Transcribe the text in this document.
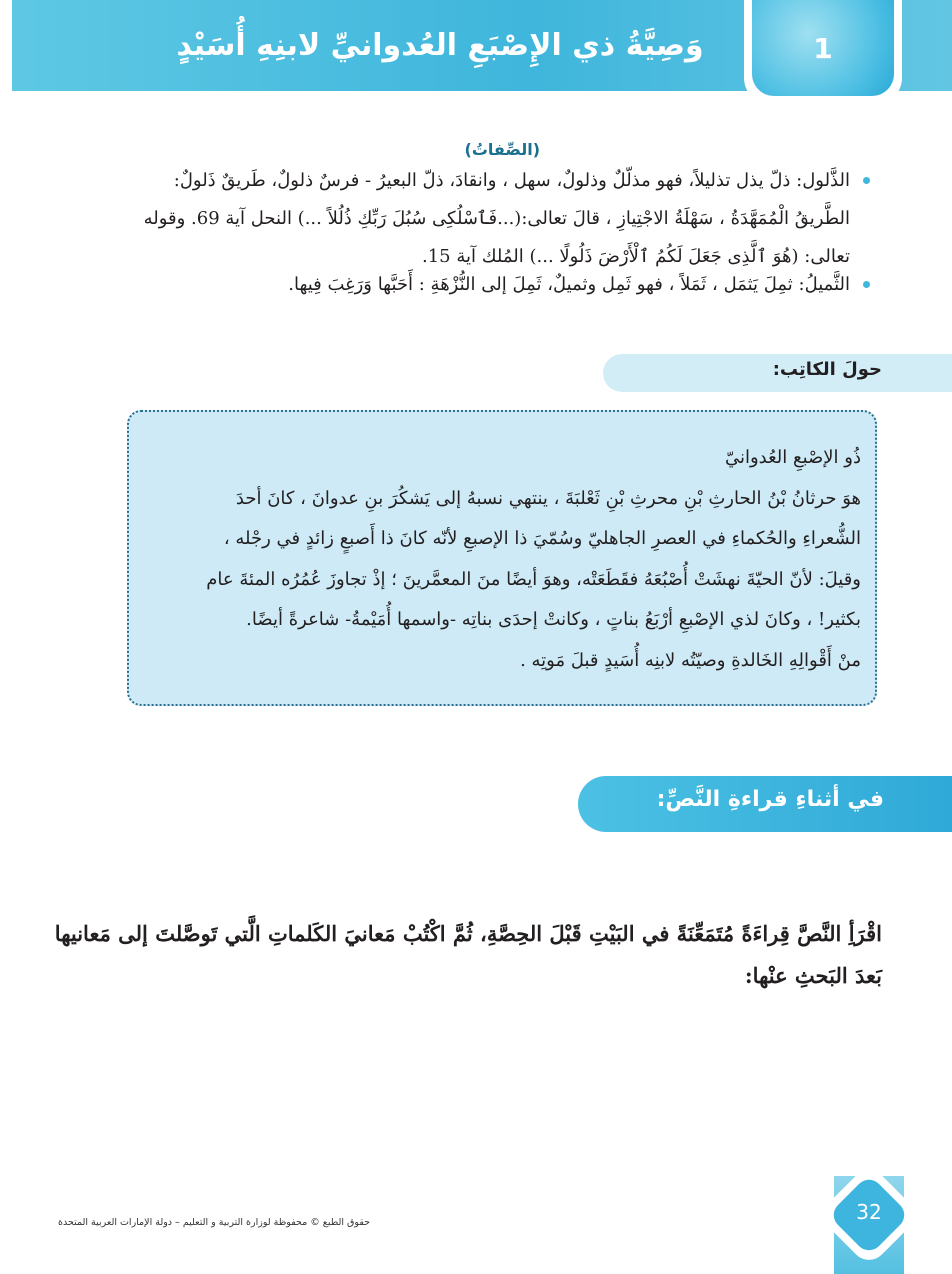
وَصِيَّةُ ذي الإِصْبَعِ العُدوانيِّ لابنِهِ أُسَيْدٍ	1
(الصِّفاتُ)
الذَّلول: ذلّ يذل تذليلاً، فهو مذلّلٌ وذلولٌ، سهل ، وانقادَ، ذلّ البعيرُ - فرسٌ ذلولٌ، طَريقٌ ذَلولٌ:
الطَّريقُ الْمُمَهَّدَةُ ، سَهْلَةُ الاجْتِيازِ ، قالَ تعالى:(...فَٱسْلُكِى سُبُلَ رَبِّكِ ذُلُلاً ...) النحل آية 69. وقوله
تعالى: (هُوَ ٱلَّذِى جَعَلَ لَكُمُ ٱلْأَرْضَ ذَلُولًا ...) المُلك آية 15.
الثَّميلُ: ثمِلَ يَثمَل ، ثَمَلاً ، فهو ثَمِل وثميلٌ، ثَمِلَ إلى النُّزْهَةِ : أَحَبَّها وَرَغِبَ فِيها.
حولَ الكاتِب:
ذُو الإصْبعِ العُدوانيّ
هوَ حرثانُ بْنُ الحارثِ بْنِ محرثِ بْنِ ثَعْلبَةَ ، ينتهي نسبهُ إلى يَشكُرَ بنِ عدوانَ ، كانَ أحدَ
الشُّعراءِ والحُكماءِ في العصرِ الجاهليّ وسُمّيَ ذا الإصبعِ لأنّه كانَ ذا أَصبعٍ زائدٍ في رجْله ،
وقيلَ: لأنّ الحيّةَ نهشَتْ أُصْبُعَهُ فقَطَعَتْه، وهوَ أيضًا منَ المعمَّرينَ ؛ إذْ تجاوزَ عُمُرُه المئةَ عام
بكثير! ، وكانَ لذي الإصْبعِ أرْبَعُ بناتٍ ، وكانتْ إحدَى بناتِه -واسمها أُمَيْمةُ- شاعرةً أيضًا.
منْ أَقْوالِهِ الخَالدةِ وصيّتُه لابنِه أُسَيدٍ قبلَ مَوتِه .
في أثناءِ قراءةِ النَّصِّ:
اقْرَأِ النَّصَّ قِراءَةً مُتَمَعِّنَةً في البَيْتِ قَبْلَ الحِصَّةِ، ثُمَّ اكْتُبْ مَعانيَ الكَلماتِ الَّتي تَوصَّلتَ إلى مَعانيها
بَعدَ البَحثِ عنْها:
حقوق الطبع © محفوظة لوزارة التربية و التعليم – دولة الإمارات العربية المتحدة	32
